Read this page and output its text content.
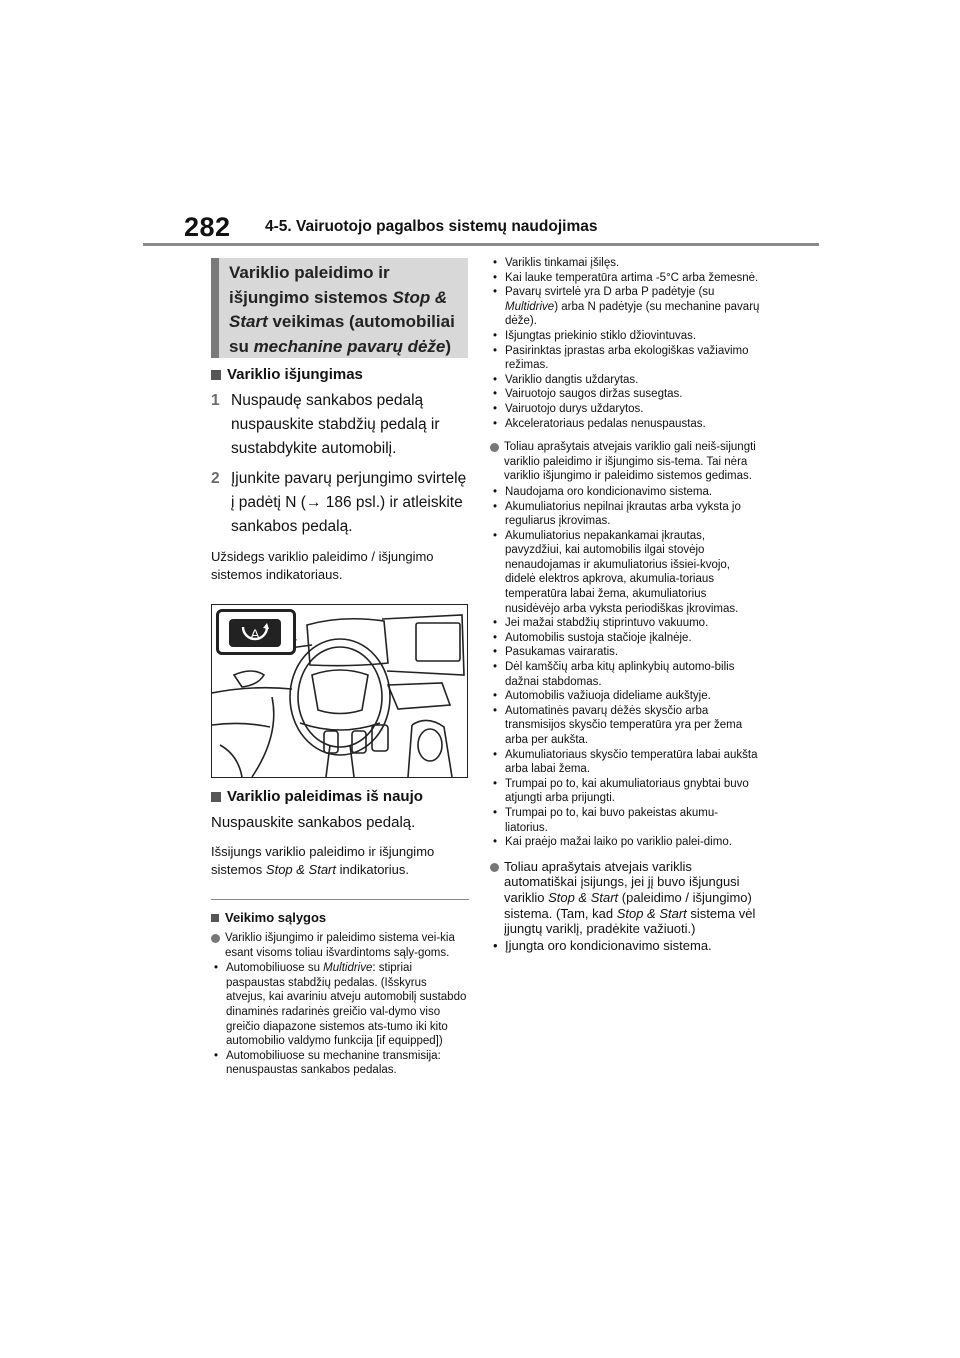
282 4-5. Vairuotojo pagalbos sistemų naudojimas
Variklio paleidimo ir
išjungimo sistemos Stop &
Start veikimas (automobiliai
su mechanine pavarų dėže)
Variklio išjungimas
1 Nuspaudę sankabos pedalą nuspauskite stabdžių pedalą ir sustabdykite automobilį.
2 Įjunkite pavarų perjungimo svirtelę į padėtį N (→ 186 psl.) ir atleiskite sankabos pedalą.

Užsidegs variklio paleidimo / išjungimo sistemos indikatoriaus.

A
Variklio paleidimas iš naujo

Nuspauskite sankabos pedalą.

Išsijungs variklio paleidimo ir išjungimo sistemos Stop & Start indikatorius.

Veikimo sąlygos
Variklio išjungimo ir paleidimo sistema vei-kia esant visoms toliau išvardintoms sąly-goms.
• Automobiliuose su Multidrive: stipriai paspaustas stabdžių pedalas. (Išskyrus atvejus, kai avariniu atveju automobilį sustabdo dinaminės radarinės greičio val-dymo viso greičio diapazone sistemos ats-tumo iki kito automobilio valdymo funkcija [if equipped])
• Automobiliuose su mechanine transmisija: nenuspaustas sankabos pedalas.
• Variklis tinkamai įšilęs.
• Kai lauke temperatūra artima -5°C arba žemesnė.
• Pavarų svirtelė yra D arba P padėtyje (su Multidrive) arba N padėtyje (su mechanine pavarų dėže).
• Išjungtas priekinio stiklo džiovintuvas.
• Pasirinktas įprastas arba ekologiškas važiavimo režimas.
• Variklio dangtis uždarytas.
• Vairuotojo saugos diržas susegtas.
• Vairuotojo durys uždarytos.
• Akceleratoriaus pedalas nenuspaustas.
Toliau aprašytais atvejais variklio gali neiš-sijungti variklio paleidimo ir išjungimo sis-tema. Tai nėra variklio išjungimo ir paleidimo sistemos gedimas.
• Naudojama oro kondicionavimo sistema.
• Akumuliatorius nepilnai įkrautas arba vyksta jo reguliarus įkrovimas.
• Akumuliatorius nepakankamai įkrautas, pavyzdžiui, kai automobilis ilgai stovėjo nenaudojamas ir akumuliatorius išsiei-kvojo, didelė elektros apkrova, akumulia-toriaus temperatūra labai žema, akumuliatorius nusidėvėjo arba vyksta periodiškas įkrovimas.
• Jei mažai stabdžių stiprintuvo vakuumo.
• Automobilis sustoja stačioje įkalnėje.
• Pasukamas vairaratis.
• Dėl kamščių arba kitų aplinkybių automo-bilis dažnai stabdomas.
• Automobilis važiuoja dideliame aukštyje.
• Automatinės pavarų dėžės skysčio arba transmisijos skysčio temperatūra yra per žema arba per aukšta.
• Akumuliatoriaus skysčio temperatūra labai aukšta arba labai žema.
• Trumpai po to, kai akumuliatoriaus gnybtai buvo atjungti arba prijungti.
• Trumpai po to, kai buvo pakeistas akumu-liatorius.
• Kai praėjo mažai laiko po variklio palei-dimo.
Toliau aprašytais atvejais variklis automatiškai įsijungs, jei jį buvo išjungusi variklio Stop & Start (paleidimo / išjungimo) sistema. (Tam, kad Stop & Start sistema vėl įjungtų variklį, pradėkite važiuoti.)
• Įjungta oro kondicionavimo sistema.
